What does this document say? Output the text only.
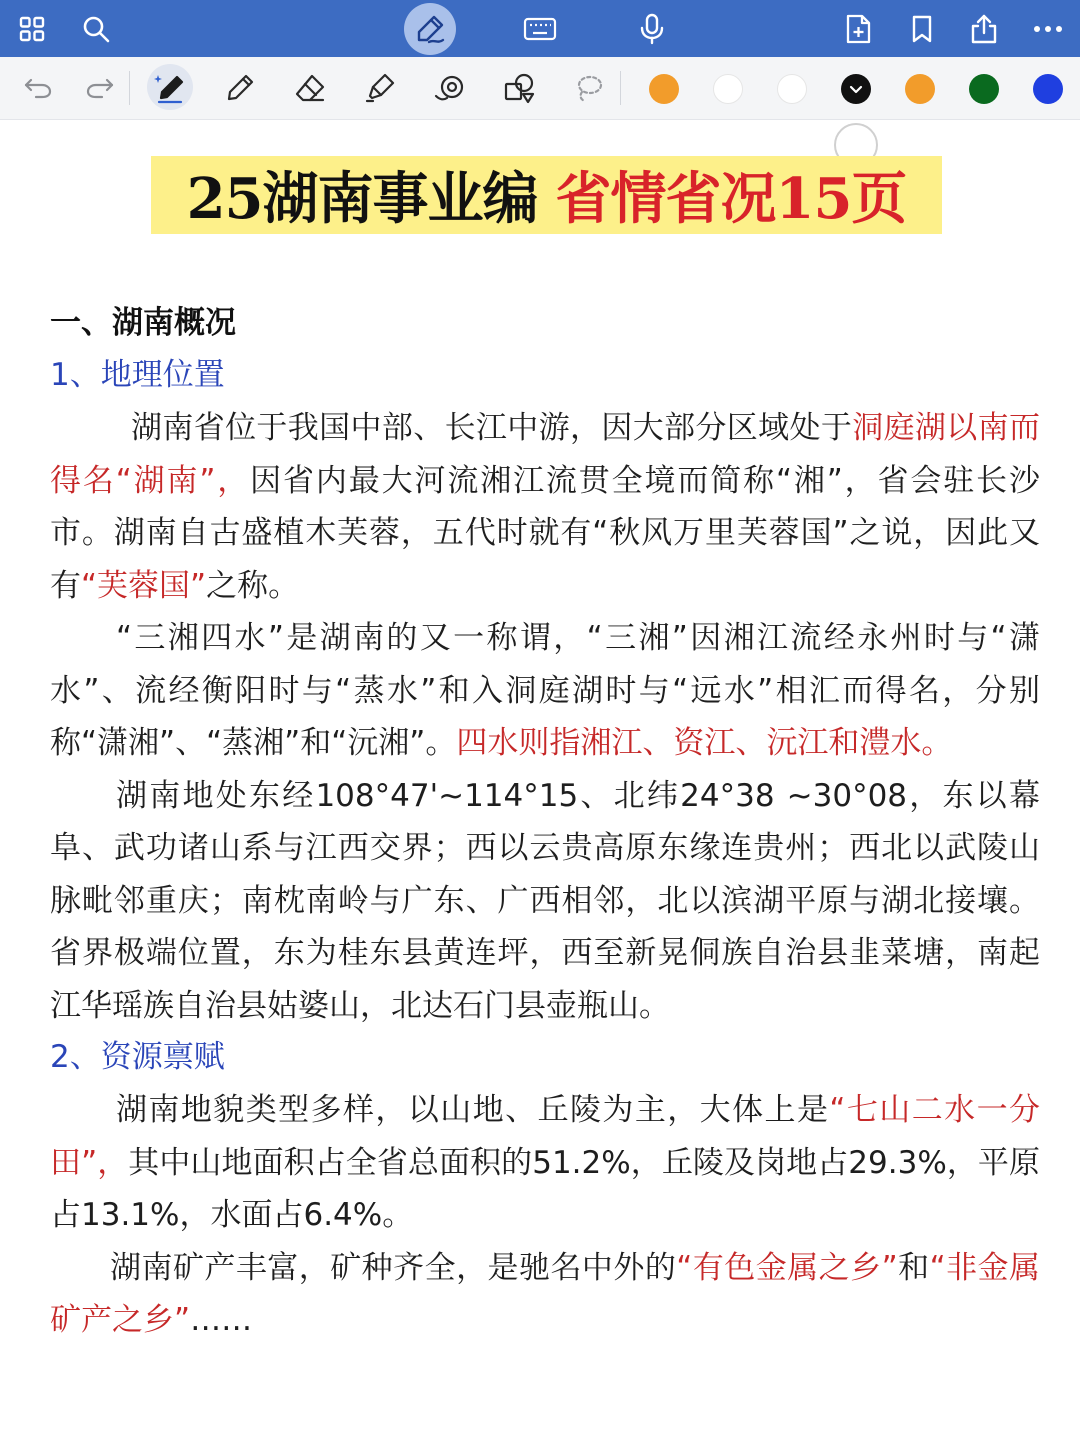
25湖南事业编 省情省况15页
一、湖南概况
1、地理位置

湖南省位于我国中部、长江中游，因大部分区域处于洞庭湖以南而得名“湖南”，因省内最大河流湘江流贯全境而简称“湘”，省会驻长沙市。湖南自古盛植木芙蓉，五代时就有“秋风万里芙蓉国”之说，因此又有“芙蓉国”之称。

“三湘四水”是湖南的又一称谓，“三湘”因湘江流经永州时与“潇水”、流经衡阳时与“蒸水”和入洞庭湖时与“远水”相汇而得名，分别称“潇湘”、“蒸湘”和“沅湘”。四水则指湘江、资江、沅江和澧水。

湖南地处东经108°47'~114°15、北纬24°38 ~30°08，东以幕阜、武功诸山系与江西交界；西以云贵高原东缘连贵州；西北以武陵山脉毗邻重庆；南枕南岭与广东、广西相邻，北以滨湖平原与湖北接壤。省界极端位置，东为桂东县黄连坪，西至新晃侗族自治县韭菜塘，南起江华瑶族自治县姑婆山，北达石门县壶瓶山。

2、资源禀赋

湖南地貌类型多样，以山地、丘陵为主，大体上是“七山二水一分田”，其中山地面积占全省总面积的51.2%，丘陵及岗地占29.3%，平原占13.1%，水面占6.4%。

湖南矿产丰富，矿种齐全，是驰名中外的“有色金属之乡”和“非金属矿产之乡”……
